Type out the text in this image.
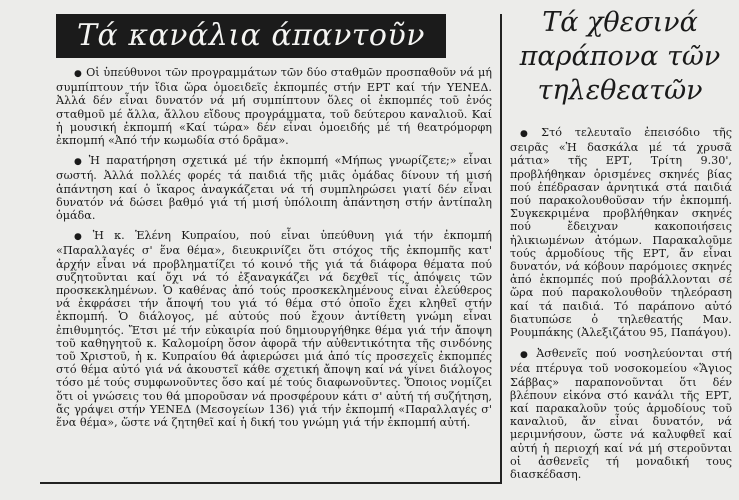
Τά κανάλια άπαντοῦν

● Οἱ ὑπεύθυνοι τῶν προγραμμάτων τῶν δύο σταθμῶν προσπαθοῦν νά μή συμπίπτουν τήν ἴδια ὥρα ὁμοειδεῖς ἐκπομπές στήν ΕΡΤ καί τήν ΥΕΝΕΔ. Ἀλλά δέν εἶναι δυνατόν νά μή συμπίπτουν ὅλες οἱ ἐκπομπές τοῦ ἑνός σταθμοῦ μέ ἄλλα, ἄλλου εἴδους προγράμματα, τοῦ δεύτερου καναλιοῦ. Καί ἡ μουσική ἐκπομπή «Καί τώρα» δέν εἶναι ὁμοειδής μέ τή θεατρόμορφη ἐκπομπή «Ἀπό τήν κωμωδία στό δρᾶμα».

● Ἡ παρατήρηση σχετικά μέ τήν ἐκπομπή «Μήπως γνωρίζετε;» εἶναι σωστή. Ἀλλά πολλές φορές τά παιδιά τῆς μιᾶς ὁμάδας δίνουν τή μισή ἀπάντηση καί ὁ ἴκαρος ἀναγκάζεται νά τή συμπληρώσει γιατί δέν εἶναι δυνατόν νά δώσει βαθμό γιά τή μισή ὑπόλοιπη ἀπάντηση στήν ἀντίπαλη ὁμάδα.

● Ἡ κ. Ἑλένη Κυπραίου, πού εἶναι ὑπεύθυνη γιά τήν ἐκπομπή «Παραλλαγές σ' ἕνα θέμα», διευκρινίζει ὅτι στόχος τῆς ἐκπομπῆς κατ' ἀρχήν εἶναι νά προβληματίζει τό κοινό τῆς γιά τά διάφορα θέματα πού συζητοῦνται καί ὄχι νά τό ἐξαναγκάζει νά δεχθεῖ τίς ἀπόψεις τῶν προσκεκλημένων. Ὁ καθένας ἀπό τούς προσκεκλημένους εἶναι ἐλεύθερος νά ἐκφράσει τήν ἄποψή του γιά τό θέμα στό ὁποῖο ἔχει κληθεῖ στήν ἐκπομπή. Ὁ διάλογος, μέ αὐτούς πού ἔχουν ἀντίθετη γνώμη εἶναι ἐπιθυμητός. Ἔτσι μέ τήν εὐκαιρία πού δημιουργήθηκε θέμα γιά τήν ἄποψη τοῦ καθηγητοῦ κ. Καλομοίρη ὅσον ἀφορᾶ τήν αὐθεντικότητα τῆς σινδόνης τοῦ Χριστοῦ, ἡ κ. Κυπραίου θά ἀφιερώσει μιά ἀπό τίς προσεχεῖς ἐκπομπές στό θέμα αὐτό γιά νά ἀκουστεῖ κάθε σχετική ἄποψη καί νά γίνει διάλογος τόσο μέ τούς συμφωνοῦντες ὅσο καί μέ τούς διαφωνοῦντες. Ὅποιος νομίζει ὅτι οἱ γνώσεις του θά μποροῦσαν νά προσφέρουν κάτι σ' αὐτή τή συζήτηση, ἄς γράψει στήν ΥΕΝΕΔ (Μεσογείων 136) γιά τήν ἐκπομπή «Παραλλαγές σ' ἕνα θέμα», ὥστε νά ζητηθεῖ καί ἡ δική του γνώμη γιά τήν ἐκπομπή αὐτή.

Τά χθεσινά παράπονα τῶν τηλεθεατῶν

● Στό τελευταῖο ἐπεισόδιο τῆς σειρᾶς «Ἡ δασκάλα μέ τά χρυσᾶ μάτια» τῆς ΕΡΤ, Τρίτη 9.30', προβλήθηκαν ὁρισμένες σκηνές βίας πού ἐπέδρασαν ἀρνητικά στά παιδιά πού παρακολουθοῦσαν τήν ἐκπομπή. Συγκεκριμένα προβλήθηκαν σκηνές πού ἔδειχναν κακοποιήσεις ἠλικιωμένων ἀτόμων. Παρακαλοῦμε τούς ἁρμοδίους τῆς ΕΡΤ, ἄν εἶναι δυνατόν, νά κόβουν παρόμοιες σκηνές ἀπό ἐκπομπές πού προβάλλονται σέ ὥρα πού παρακολουθοῦν τηλεόραση καί τά παιδιά. Τό παράπονο αὐτό διατυπώσε ὁ τηλεθεατής Μαν. Ρουμπάκης (Ἀλεξιζάτου 95, Παπάγου).

● Ἀσθενεῖς πού νοσηλεύονται στή νέα πτέρυγα τοῦ νοσοκομείου «Ἅγιος Σάββας» παραπονοῦνται ὅτι δέν βλέπουν εἰκόνα στό κανάλι τῆς ΕΡΤ, καί παρακαλοῦν τούς ἁρμοδίους τοῦ καναλιοῦ, ἄν εἶναι δυνατόν, νά μεριμνήσουν, ὥστε νά καλυφθεῖ καί αὐτή ἡ περιοχή καί νά μή στεροῦνται οἱ ἀσθενεῖς τή μοναδική τους διασκέδαση.
